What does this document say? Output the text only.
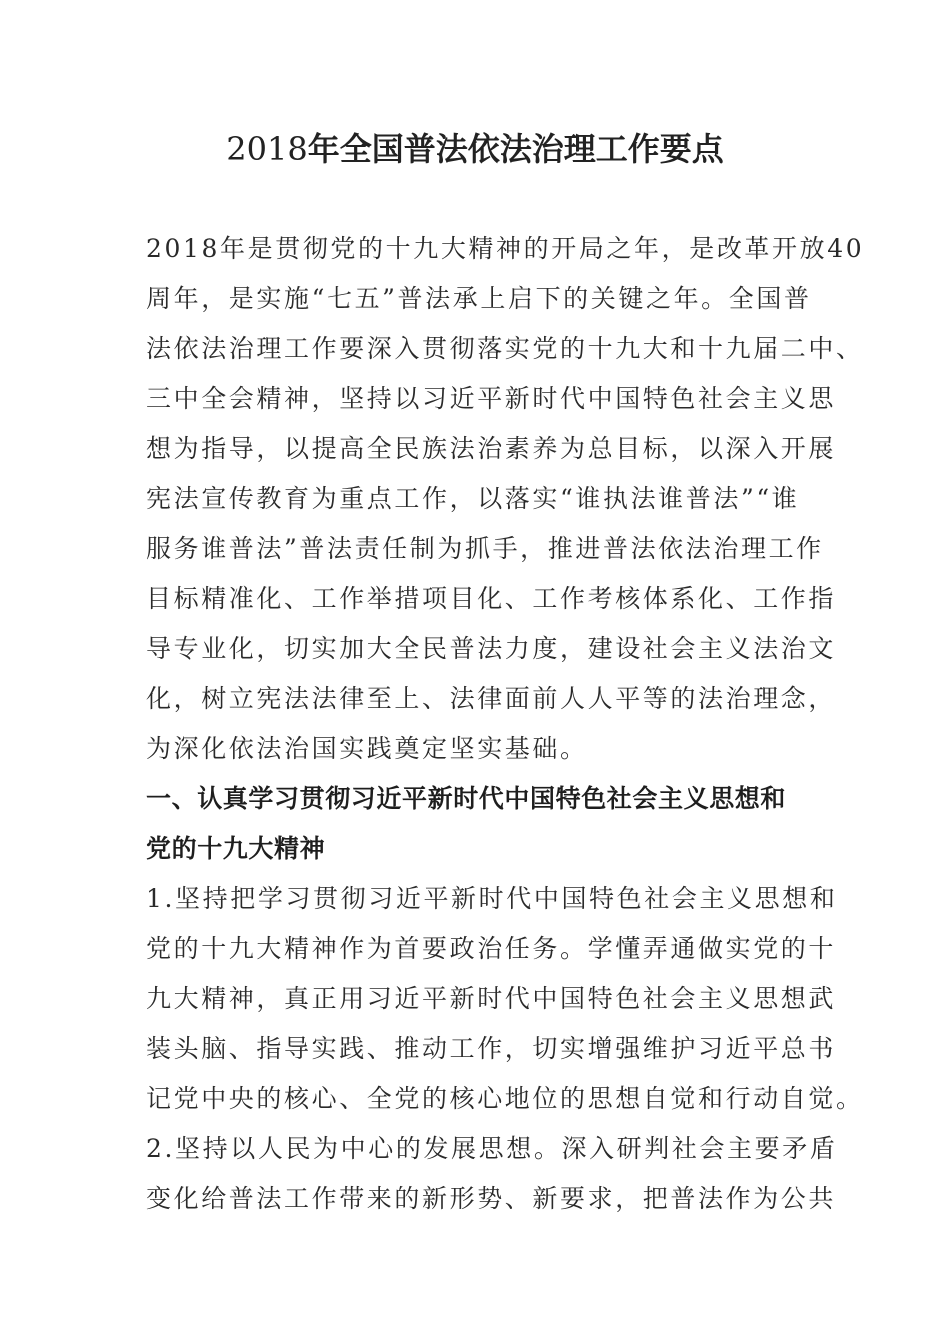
2018年全国普法依法治理工作要点
2018年是贯彻党的十九大精神的开局之年，是改革开放40
周年，是实施“七五”普法承上启下的关键之年。全国普
法依法治理工作要深入贯彻落实党的十九大和十九届二中、
三中全会精神，坚持以习近平新时代中国特色社会主义思
想为指导，以提高全民族法治素养为总目标，以深入开展
宪法宣传教育为重点工作，以落实“谁执法谁普法”“谁
服务谁普法”普法责任制为抓手，推进普法依法治理工作
目标精准化、工作举措项目化、工作考核体系化、工作指
导专业化，切实加大全民普法力度，建设社会主义法治文
化，树立宪法法律至上、法律面前人人平等的法治理念，
为深化依法治国实践奠定坚实基础。
一、认真学习贯彻习近平新时代中国特色社会主义思想和
党的十九大精神
1.坚持把学习贯彻习近平新时代中国特色社会主义思想和
党的十九大精神作为首要政治任务。学懂弄通做实党的十
九大精神，真正用习近平新时代中国特色社会主义思想武
装头脑、指导实践、推动工作，切实增强维护习近平总书
记党中央的核心、全党的核心地位的思想自觉和行动自觉。
2.坚持以人民为中心的发展思想。深入研判社会主要矛盾
变化给普法工作带来的新形势、新要求，把普法作为公共
